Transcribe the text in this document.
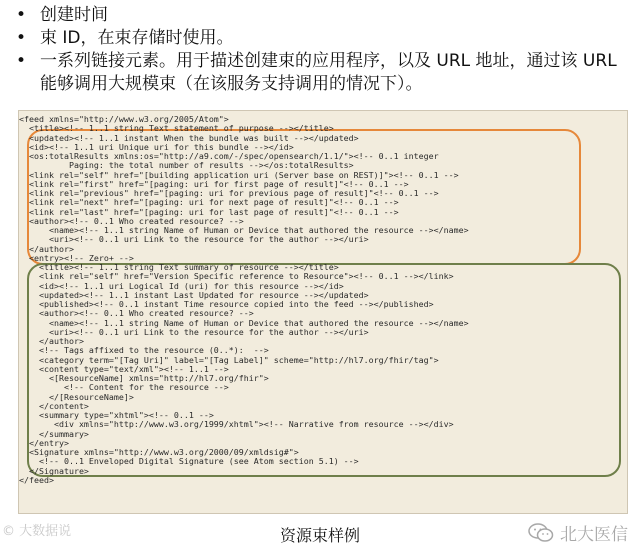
• 创建时间
• 束 ID，在束存储时使用。
• 一系列链接元素。用于描述创建束的应用程序，以及 URL 地址，通过该 URL 能够调用大规模束（在该服务支持调用的情况下）。
<feed xmlns="http://www.w3.org/2005/Atom">
<title><!-- 1..1 string Text statement of purpose --></title>
<updated><!-- 1..1 instant When the bundle was built --></updated>
<id><!-- 1..1 uri Unique uri for this bundle --></id>
<os:totalResults xmlns:os="http://a9.com/-/spec/opensearch/1.1/"><!-- 0..1 integer
Paging: the total number of results --></os:totalResults>
<link rel="self" href="[building application uri (Server base on REST)]"><!-- 0..1 -->
<link rel="first" href="[paging: uri for first page of result]"<!-- 0..1 -->
<link rel="previous" href="[paging: uri for previous page of result]"<!-- 0..1 -->
<link rel="next" href="[paging: uri for next page of result]"<!-- 0..1 -->
<link rel="last" href="[paging: uri for last page of result]"<!-- 0..1 -->
<author><!-- 0..1 Who created resource? -->
<name><!-- 1..1 string Name of Human or Device that authored the resource --></name>
<uri><!-- 0..1 uri Link to the resource for the author --></uri>
</author>
<entry><!-- Zero+ -->
<title><!-- 1..1 string Text summary of resource --></title>
<link rel="self" href="Version Specific reference to Resource"><!-- 0..1 --></link>
<id><!-- 1..1 uri Logical Id (uri) for this resource --></id>
<updated><!-- 1..1 instant Last Updated for resource --></updated>
<published><!-- 0..1 instant Time resource copied into the feed --></published>
<author><!-- 0..1 Who created resource? -->
<name><!-- 1..1 string Name of Human or Device that authored the resource --></name>
<uri><!-- 0..1 uri Link to the resource for the author --></uri>
</author>
<!-- Tags affixed to the resource (0..*):  -->
<category term="[Tag Uri]" label="[Tag Label]" scheme="http://hl7.org/fhir/tag">
<content type="text/xml"><!-- 1..1 -->
<[ResourceName] xmlns="http://hl7.org/fhir">
<!-- Content for the resource -->
</[ResourceName]>
</content>
<summary type="xhtml"><!-- 0..1 -->
<div xmlns="http://www.w3.org/1999/xhtml"><!-- Narrative from resource --></div>
</summary>
</entry>
<Signature xmlns="http://www.w3.org/2000/09/xmldsig#">
<!-- 0..1 Enveloped Digital Signature (see Atom section 5.1) -->
</Signature>
</feed>
资源束样例
© 大数据说	北大医信
